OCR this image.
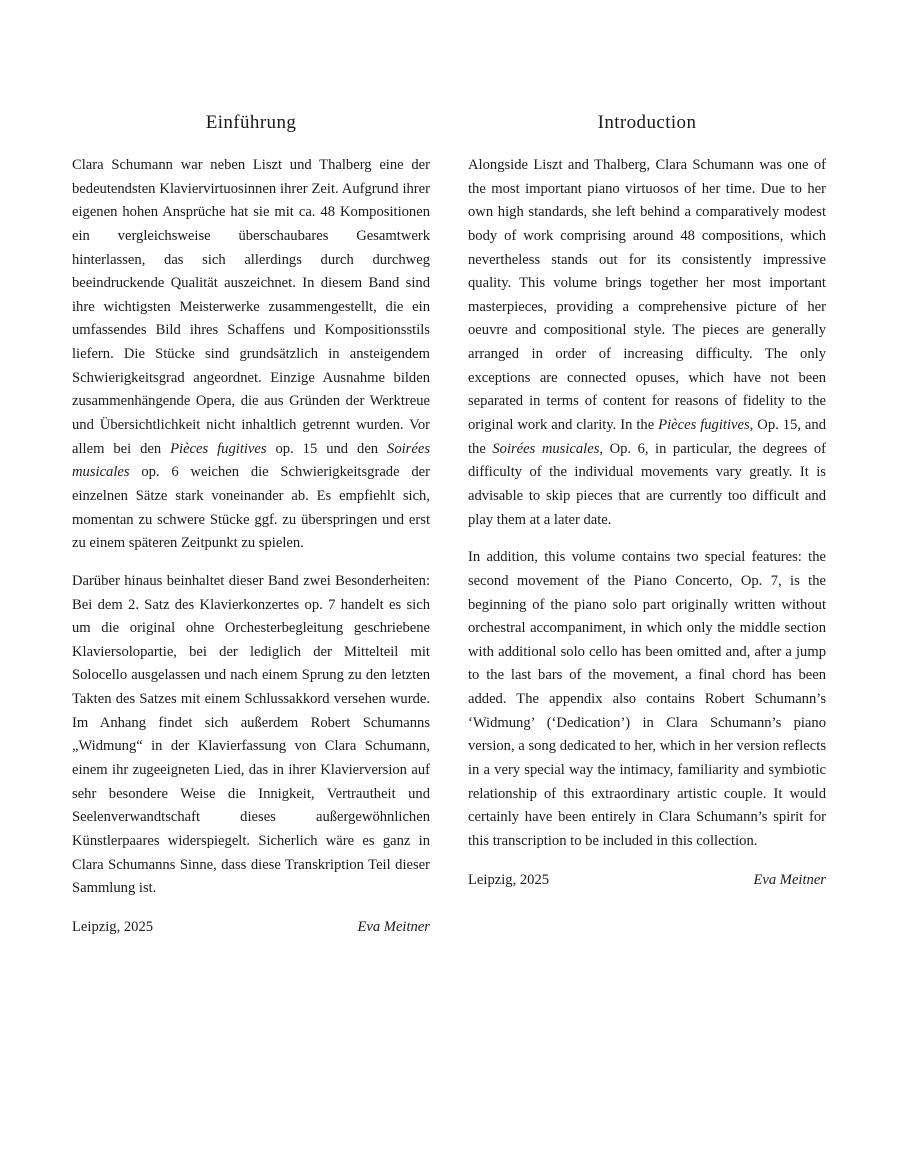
Einführung

Clara Schumann war neben Liszt und Thalberg eine der bedeutendsten Klaviervirtuosinnen ihrer Zeit. Aufgrund ihrer eigenen hohen Ansprüche hat sie mit ca. 48 Kompositionen ein vergleichsweise überschaubares Gesamtwerk hinterlassen, das sich allerdings durch durchweg beeindruckende Qualität auszeichnet. In diesem Band sind ihre wichtigsten Meisterwerke zusammengestellt, die ein umfassendes Bild ihres Schaffens und Kompositionsstils liefern. Die Stücke sind grundsätzlich in ansteigendem Schwierigkeitsgrad angeordnet. Einzige Ausnahme bilden zusammenhängende Opera, die aus Gründen der Werktreue und Übersichtlichkeit nicht inhaltlich getrennt wurden. Vor allem bei den Pièces fugitives op. 15 und den Soirées musicales op. 6 weichen die Schwierigkeitsgrade der einzelnen Sätze stark voneinander ab. Es empfiehlt sich, momentan zu schwere Stücke ggf. zu überspringen und erst zu einem späteren Zeitpunkt zu spielen.

Darüber hinaus beinhaltet dieser Band zwei Besonderheiten: Bei dem 2. Satz des Klavierkonzertes op. 7 handelt es sich um die original ohne Orchesterbegleitung geschriebene Klaviersolopartie, bei der lediglich der Mittelteil mit Solocello ausgelassen und nach einem Sprung zu den letzten Takten des Satzes mit einem Schlussakkord versehen wurde. Im Anhang findet sich außerdem Robert Schumanns „Widmung“ in der Klavierfassung von Clara Schumann, einem ihr zugeeigneten Lied, das in ihrer Klavierversion auf sehr besondere Weise die Innigkeit, Vertrautheit und Seelenverwandtschaft dieses außergewöhnlichen Künstlerpaares widerspiegelt. Sicherlich wäre es ganz in Clara Schumanns Sinne, dass diese Transkription Teil dieser Sammlung ist.

Leipzig, 2025	Eva Meitner
Introduction

Alongside Liszt and Thalberg, Clara Schumann was one of the most important piano virtuosos of her time. Due to her own high standards, she left behind a comparatively modest body of work comprising around 48 compositions, which nevertheless stands out for its consistently impressive quality. This volume brings together her most important masterpieces, providing a comprehensive picture of her oeuvre and compositional style. The pieces are generally arranged in order of increasing difficulty. The only exceptions are connected opuses, which have not been separated in terms of content for reasons of fidelity to the original work and clarity. In the Pièces fugitives, Op. 15, and the Soirées musicales, Op. 6, in particular, the degrees of difficulty of the individual movements vary greatly. It is advisable to skip pieces that are currently too difficult and play them at a later date.

In addition, this volume contains two special features: the second movement of the Piano Concerto, Op. 7, is the beginning of the piano solo part originally written without orchestral accompaniment, in which only the middle section with additional solo cello has been omitted and, after a jump to the last bars of the movement, a final chord has been added. The appendix also contains Robert Schumann’s ‘Widmung’ (‘Dedication’) in Clara Schumann’s piano version, a song dedicated to her, which in her version reflects in a very special way the intimacy, familiarity and symbiotic relationship of this extraordinary artistic couple. It would certainly have been entirely in Clara Schumann’s spirit for this transcription to be included in this collection.

Leipzig, 2025	Eva Meitner
